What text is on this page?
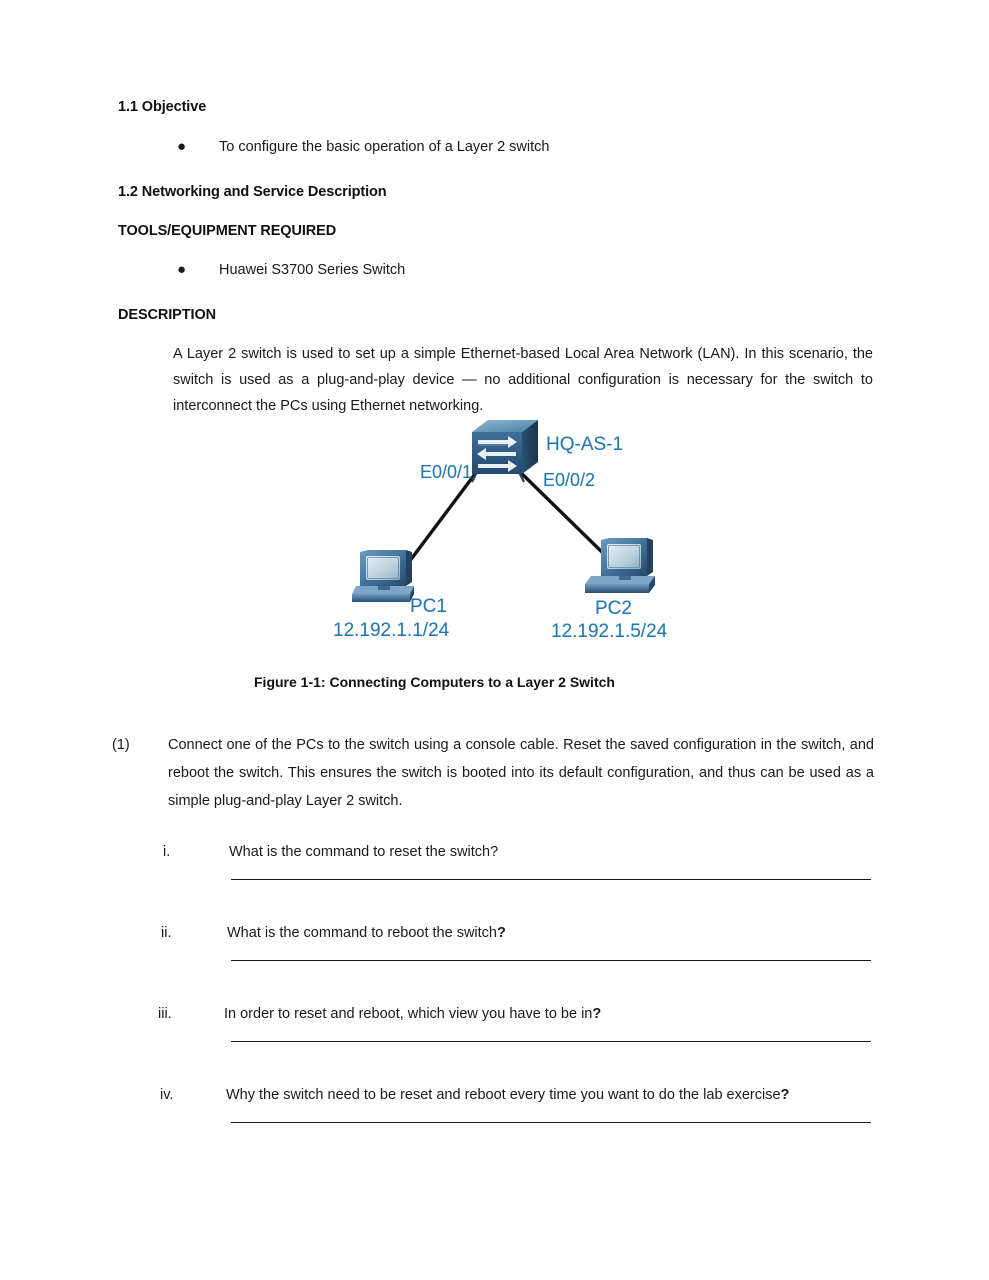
1.1 Objective
●	To configure the basic operation of a Layer 2 switch
1.2 Networking and Service Description
TOOLS/EQUIPMENT REQUIRED
●	Huawei S3700 Series Switch
DESCRIPTION
A Layer 2 switch is used to set up a simple Ethernet-based Local Area Network (LAN). In this scenario, the switch is used as a plug-and-play device — no additional configuration is necessary for the switch to interconnect the PCs using Ethernet networking.
HQ-AS-1
E0/0/1	E0/0/2
PC1
12.192.1.1/24
PC2
12.192.1.5/24
Figure 1-1: Connecting Computers to a Layer 2 Switch
(1)	Connect one of the PCs to the switch using a console cable. Reset the saved configuration in the switch, and reboot the switch. This ensures the switch is booted into its default configuration, and thus can be used as a simple plug-and-play Layer 2 switch.
i.	What is the command to reset the switch?
ii.	What is the command to reboot the switch?
iii.	In order to reset and reboot, which view you have to be in?
iv.	Why the switch need to be reset and reboot every time you want to do the lab exercise?
